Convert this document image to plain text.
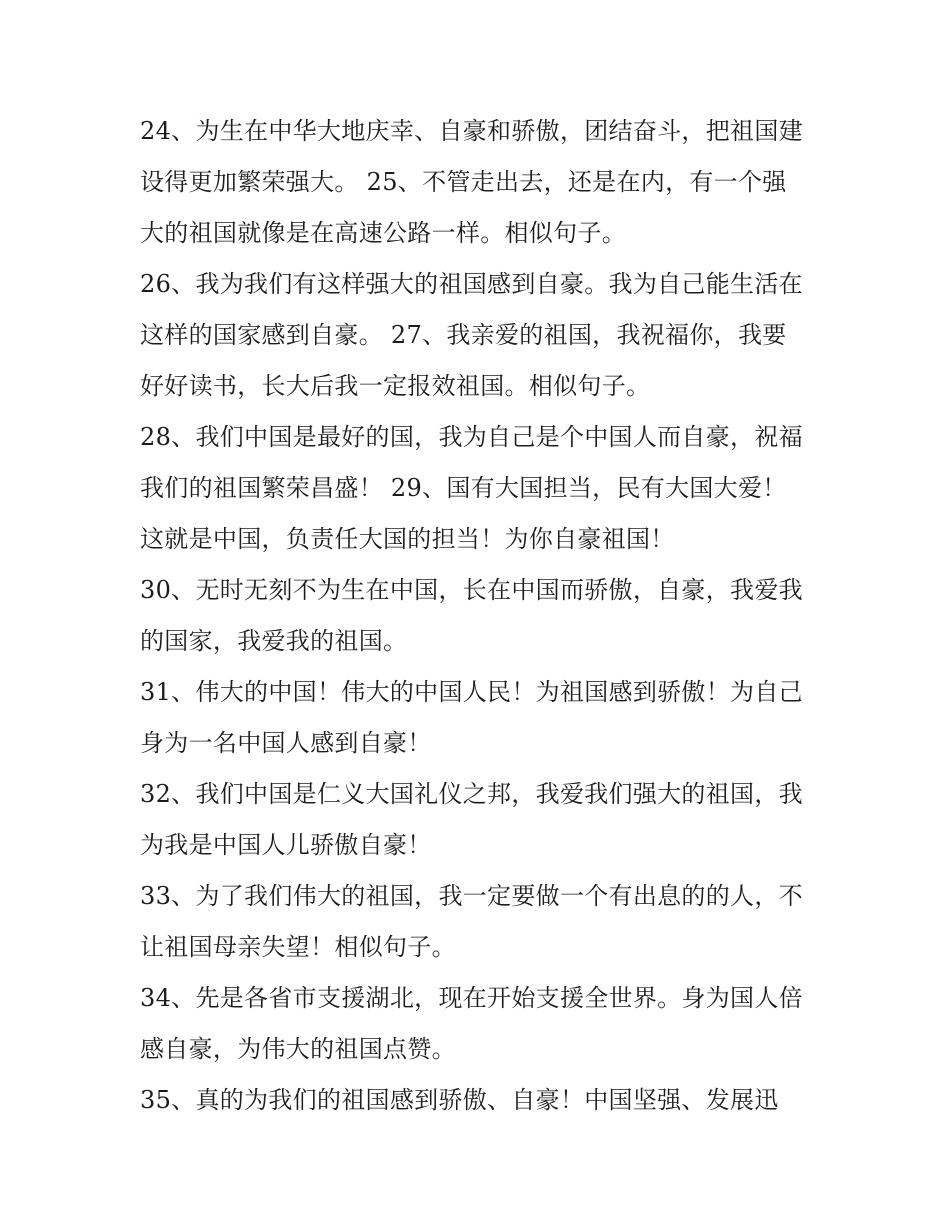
24、为生在中华大地庆幸、自豪和骄傲，团结奋斗，把祖国建
设得更加繁荣强大。 25、不管走出去，还是在内，有一个强
大的祖国就像是在高速公路一样。相似句子。
26、我为我们有这样强大的祖国感到自豪。我为自己能生活在
这样的国家感到自豪。 27、我亲爱的祖国，我祝福你，我要
好好读书，长大后我一定报效祖国。相似句子。
28、我们中国是最好的国，我为自己是个中国人而自豪，祝福
我们的祖国繁荣昌盛！ 29、国有大国担当，民有大国大爱！
这就是中国，负责任大国的担当！为你自豪祖国！
30、无时无刻不为生在中国，长在中国而骄傲，自豪，我爱我
的国家，我爱我的祖国。
31、伟大的中国！伟大的中国人民！为祖国感到骄傲！为自己
身为一名中国人感到自豪！
32、我们中国是仁义大国礼仪之邦，我爱我们强大的祖国，我
为我是中国人儿骄傲自豪！
33、为了我们伟大的祖国，我一定要做一个有出息的的人，不
让祖国母亲失望！相似句子。
34、先是各省市支援湖北，现在开始支援全世界。身为国人倍
感自豪，为伟大的祖国点赞。
35、真的为我们的祖国感到骄傲、自豪！中国坚强、发展迅
